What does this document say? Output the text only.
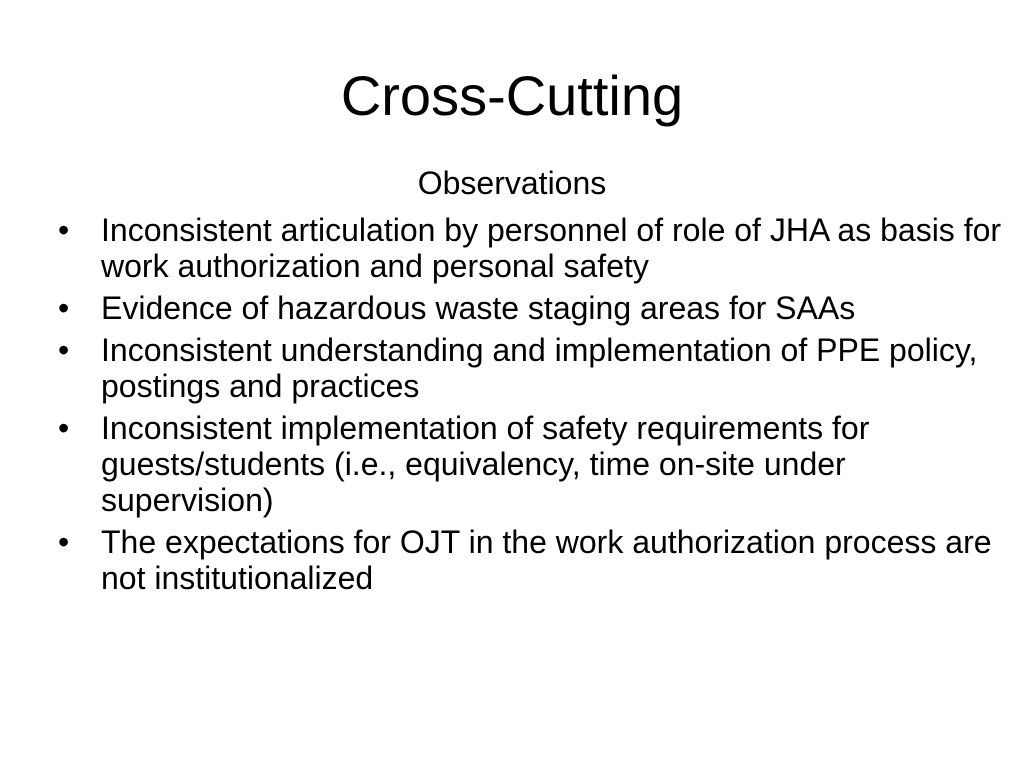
Cross-Cutting
Observations
• Inconsistent articulation by personnel of role of JHA as basis for work authorization and personal safety
• Evidence of hazardous waste staging areas for SAAs
• Inconsistent understanding and implementation of PPE policy, postings and practices
• Inconsistent implementation of safety requirements for guests/students (i.e., equivalency, time on-site under supervision)
• The expectations for OJT in the work authorization process are not institutionalized
